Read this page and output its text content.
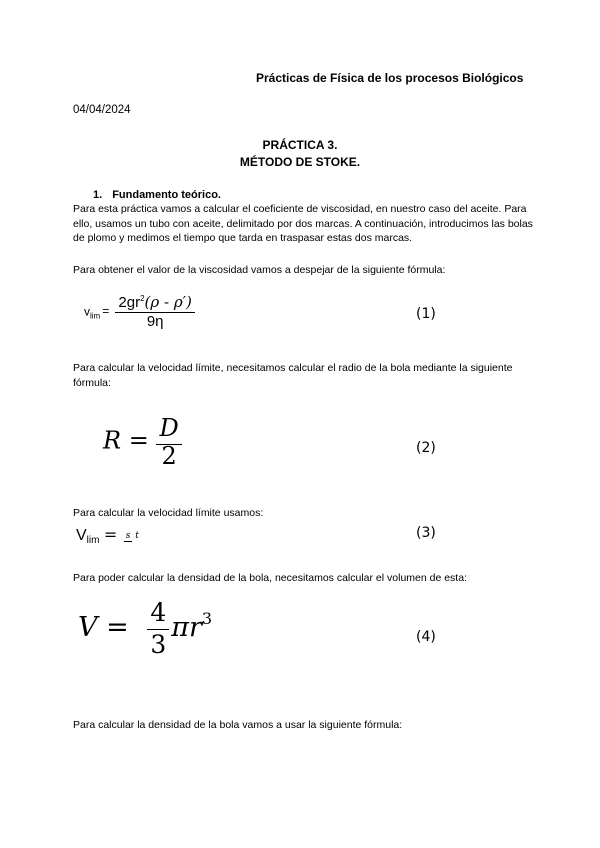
Prácticas de Física de los procesos Biológicos
04/04/2024
PRÁCTICA 3.
MÉTODO DE STOKE.
1. Fundamento teórico.
Para esta práctica vamos a calcular el coeficiente de viscosidad, en nuestro caso del aceite. Para ello, usamos un tubo con aceite, delimitado por dos marcas. A continuación, introducimos las bolas de plomo y medimos el tiempo que tarda en traspasar estas dos marcas.
Para obtener el valor de la viscosidad vamos a despejar de la siguiente fórmula:
$v_{lim} = \frac{2gr^2(\rho - \rho')}{9\eta}$	(1)
Para calcular la velocidad límite, necesitamos calcular el radio de la bola mediante la siguiente fórmula:
$R = \frac{D}{2}$	(2)
Para calcular la velocidad límite usamos:
$V_{lim} = s$ t	(3)
Para poder calcular la densidad de la bola, necesitamos calcular el volumen de esta:
$V = \frac{4}{3} \pi r^3$
(4)
Para calcular la densidad de la bola vamos a usar la siguiente fórmula:
